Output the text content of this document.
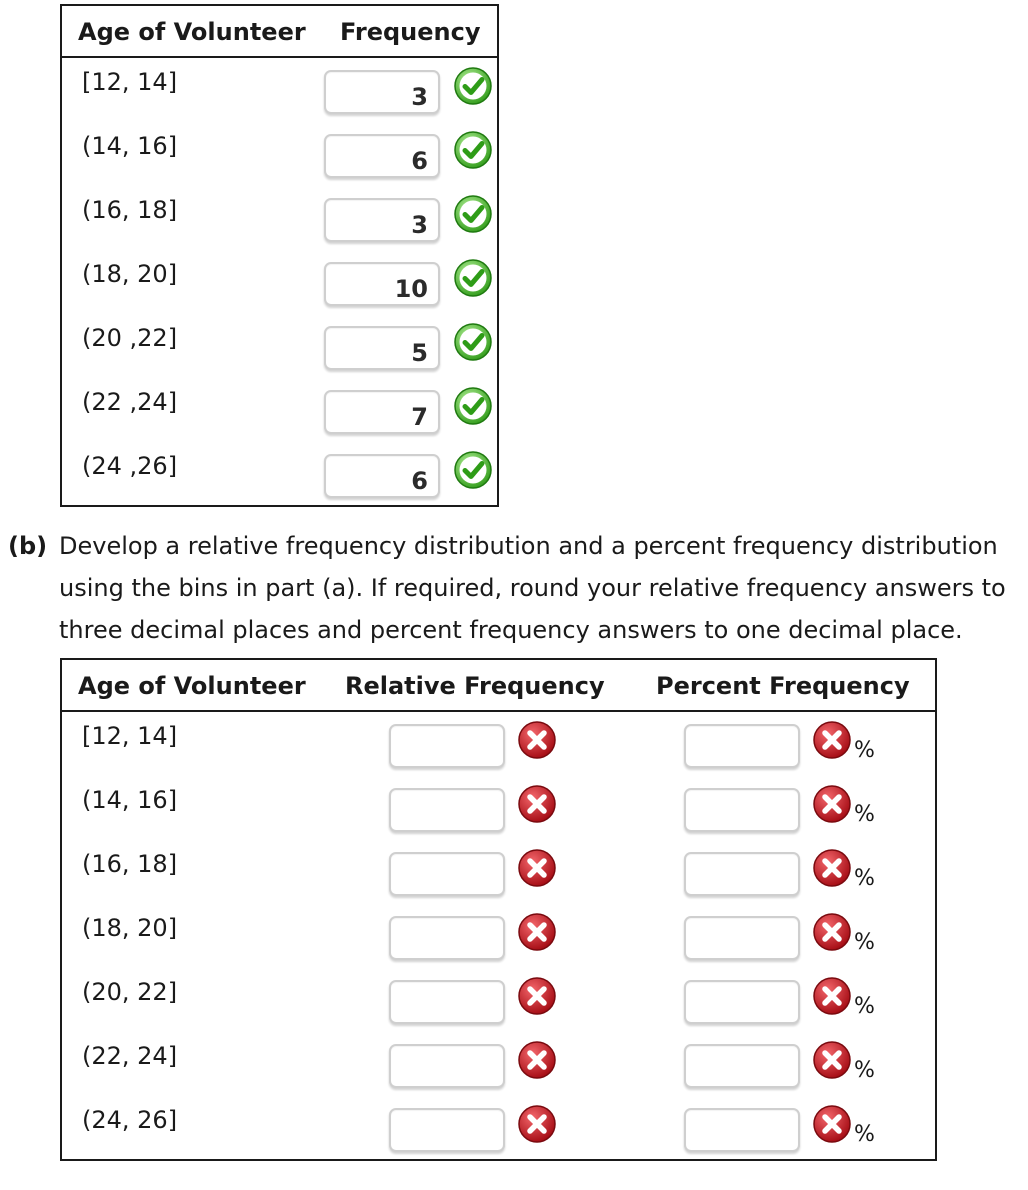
Age of Volunteer Frequency
[12, 14]
3
(14, 16]
6
(16, 18]
3
(18, 20]
10
(20 ,22]
5
(22 ,24]
7
(24 ,26]
6
(b) Develop a relative frequency distribution and a percent frequency distribution
using the bins in part (a). If required, round your relative frequency answers to
three decimal places and percent frequency answers to one decimal place.
Age of Volunteer Relative Frequency Percent Frequency
[12, 14]
%
(14, 16]
%
(16, 18]
%
(18, 20]
%
(20, 22]
%
(22, 24]
%
(24, 26]
%
